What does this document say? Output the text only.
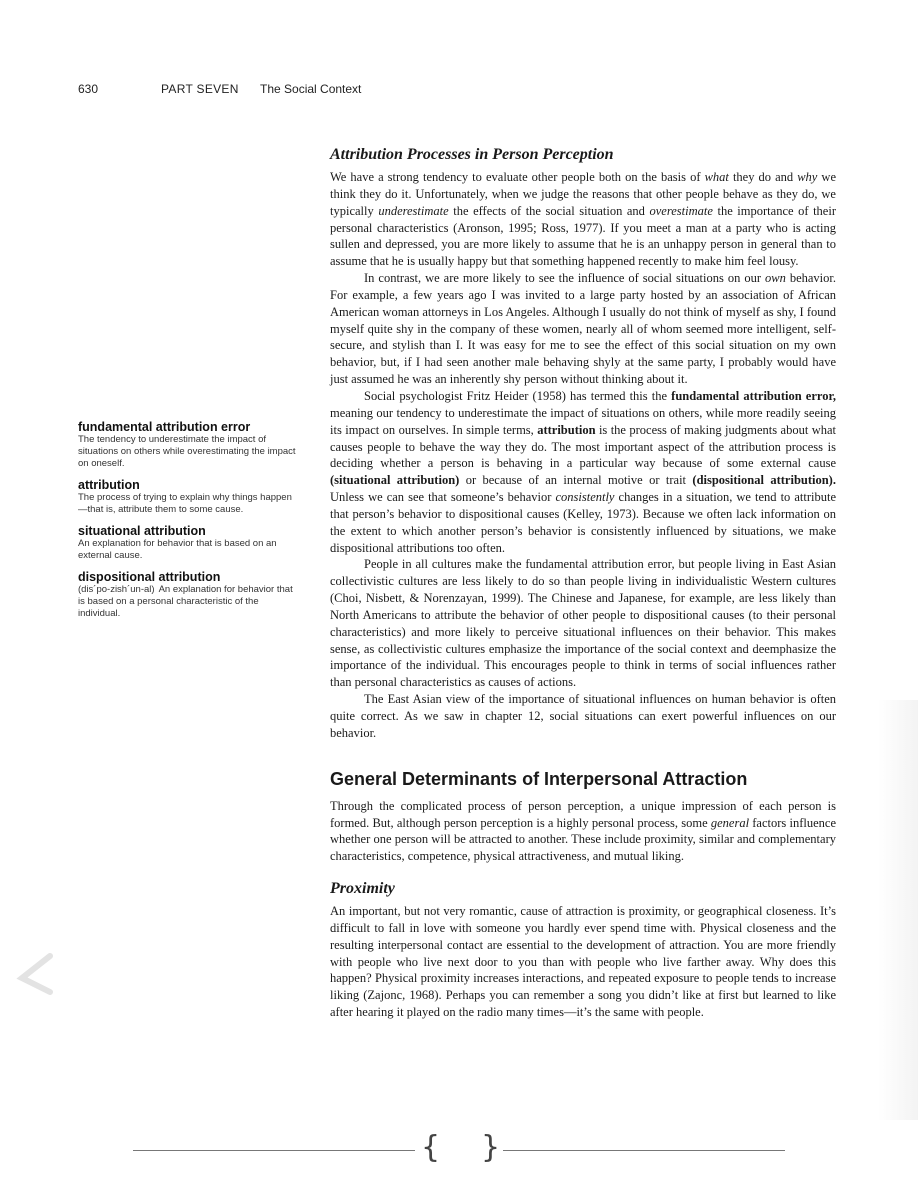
630	PART SEVEN The Social Context
fundamental attribution error
The tendency to underestimate the impact of situations on others while overestimating the impact on oneself.
attribution
The process of trying to explain why things happen—that is, attribute them to some cause.
situational attribution
An explanation for behavior that is based on an external cause.
dispositional attribution
(dis´po-zish´un-al) An explanation for behavior that is based on a personal characteristic of the individual.
Attribution Processes in Person Perception

We have a strong tendency to evaluate other people both on the basis of what they do and why we think they do it. Unfortunately, when we judge the reasons that other people behave as they do, we typically underestimate the effects of the social situation and overestimate the importance of their personal characteristics (Aronson, 1995; Ross, 1977). If you meet a man at a party who is acting sullen and depressed, you are more likely to assume that he is an unhappy person in general than to assume that he is usually happy but that something happened recently to make him feel lousy.

In contrast, we are more likely to see the influence of social situations on our own behavior. For example, a few years ago I was invited to a large party hosted by an association of African American woman attorneys in Los Angeles. Although I usually do not think of myself as shy, I found myself quite shy in the company of these women, nearly all of whom seemed more intelligent, self-secure, and stylish than I. It was easy for me to see the effect of this social situation on my own behavior, but, if I had seen another male behaving shyly at the same party, I probably would have just assumed he was an inherently shy person without thinking about it.

Social psychologist Fritz Heider (1958) has termed this the fundamental attribution error, meaning our tendency to underestimate the impact of situations on others, while more readily seeing its impact on ourselves. In simple terms, attribution is the process of making judgments about what causes people to behave the way they do. The most important aspect of the attribution process is deciding whether a person is behaving in a particular way because of some external cause (situational attribution) or because of an internal motive or trait (dispositional attribution). Unless we can see that someone’s behavior consistently changes in a situation, we tend to attribute that person’s behavior to dispositional causes (Kelley, 1973). Because we often lack information on the extent to which another person’s behavior is consistently influenced by situations, we make dispositional attributions too often.

People in all cultures make the fundamental attribution error, but people living in East Asian collectivistic cultures are less likely to do so than people living in individualistic Western cultures (Choi, Nisbett, & Norenzayan, 1999). The Chinese and Japanese, for example, are less likely than North Americans to attribute the behavior of other people to dispositional causes (to their personal characteristics) and more likely to perceive situational influences on their behavior. This makes sense, as collectivistic cultures emphasize the importance of the social context and deemphasize the importance of the individual. This encourages people to think in terms of social influences rather than personal characteristics as causes of actions.

The East Asian view of the importance of situational influences on human behavior is often quite correct. As we saw in chapter 12, social situations can exert powerful influences on our behavior.

General Determinants of Interpersonal Attraction

Through the complicated process of person perception, a unique impression of each person is formed. But, although person perception is a highly personal process, some general factors influence whether one person will be attracted to another. These include proximity, similar and complementary characteristics, competence, physical attractiveness, and mutual liking.

Proximity

An important, but not very romantic, cause of attraction is proximity, or geographical closeness. It’s difficult to fall in love with someone you hardly ever spend time with. Physical closeness and the resulting interpersonal contact are essential to the development of attraction. You are more friendly with people who live next door to you than with people who live farther away. Why does this happen? Physical proximity increases interactions, and repeated exposure to people tends to increase liking (Zajonc, 1968). Perhaps you can remember a song you didn’t like at first but learned to like after hearing it played on the radio many times—it’s the same with people.

{ }
